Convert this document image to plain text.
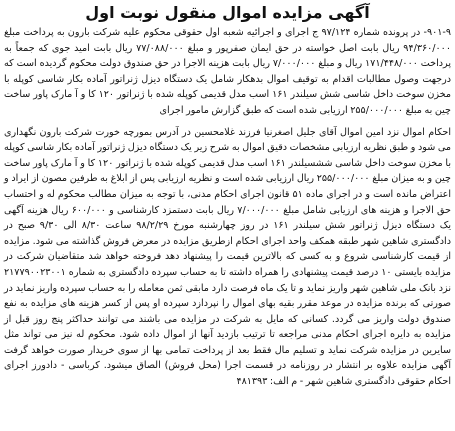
آگهی مزایده اموال منقول نوبت اول

۹۰۱-۹- در پرونده شماره ۹۷/۱۲۴ ج اجرای و اجرائیه شعبه اول حقوقی محکوم علیه شرکت بارون به پرداخت مبلغ ۹۴/۳۶۰/۰۰۰ ریال بابت اصل خواسته در حق ایمان صفرپور و مبلغ ۷۷/۰۸۸/۰۰۰ ریال بابت امید جوی که جمعاً به پرداخت ۱۷۱/۴۴۸/۰۰۰ ریال و مبلغ ۷/۰۰۰/۰۰۰ ریال بابت هزینه الاجرا در حق صندوق دولت محکوم گردیده است که درجهت وصول مطالبات اقدام به توقیف اموال بدهکار شامل یک دستگاه دیزل ژنراتور آماده بکار شاسی کوپله با مخزن سوخت داخل شاسی شش سیلندر ۱۶۱ اسب مدل قدیمی کوپله شده با ژنراتور ۱۲۰ کا و آ مارک پاور ساخت چین به مبلغ ۲۵۵/۰۰۰/۰۰۰ ارزیابی شده است که طبق گزارش مامور اجرای

احکام اموال نزد امین اموال آقای جلیل اصغرنیا فرزند غلامحسین در آدرس بمورچه خورت شرکت بارون نگهداری می شود و طبق نظریه ارزیابی مشخصات دقیق اموال به شرح زیر یک دستگاه دیزل ژنراتور آماده بکار شاسی کوپله با مخزن سوخت داخل شاسی ششسیلندر ۱۶۱ اسب مدل قدیمی کوپله شده با ژنراتور ۱۲۰ کا و آ مارک پاور ساخت چین و به میزان مبلغ ۲۵۵/۰۰۰/۰۰۰ ریال ارزیابی شده است و نظریه ارزیابی پس از ابلاغ به طرفین مصون از ایراد و اعتراض مانده است و در اجرای ماده ۵۱ قانون اجرای احکام مدنی، با توجه به میزان مطالب محکوم له و احتساب حق الاجرا و هزینه های ارزیابی شامل مبلغ ۷/۰۰۰/۰۰۰ ریال بابت دستمزد کارشناسی و ۶۰۰/۰۰۰ ریال هزینه آگهی یک دستگاه دیزل ژنراتور شش سیلندر ۱۶۱ در روز چهارشنبه مورخ ۹۸/۲/۲۹ ساعت ۸/۳۰ الی ۹/۳۰ صبح در دادگستری شاهین شهر طبقه همکف واحد اجرای احکام ازطریق مزایده در معرض فروش گذاشته می شود. مزایده از قیمت کارشناسی شروع و به کسی که بالاترین قیمت را پیشنهاد دهد فروخته خواهد شد متقاضیان شرکت در مزایده بایستی ۱۰ درصد قیمت پیشنهادی را همراه داشته تا به حساب سپرده دادگستری به شماره ۲۱۷۷۹۰۰۲۳۰۰۱ نزد بانک ملی شاهین شهر واریز نماید و تا یک ماه فرصت دارد مابقی ثمن معامله را به حساب سپرده واریز نماید در صورتی که برنده مزایده در موعد مقرر بقیه بهای اموال را نپردازد سپرده او پس از کسر هزینه های مزایده به نفع صندوق دولت واریز می گردد. کسانی که مایل به شرکت در مزایده می باشند می توانند حداکثر پنج روز قبل از مزایده به دایره اجرای احکام مدنی مراجعه تا ترتیب بازدید آنها از اموال داده شود. محکوم له نیز می تواند مثل سایرین در مزایده شرکت نماید و تسلیم مال فقط بعد از پرداخت تمامی بها از سوی خریدار صورت خواهد گرفت آگهی مزایده علاوه بر انتشار در روزنامه در قسمت اجرا (محل فروش) الصاق میشود. کرباسی - دادورز اجرای احکام حقوقی دادگستری شاهین شهر - م الف: ۴۸۱۳۹۳
